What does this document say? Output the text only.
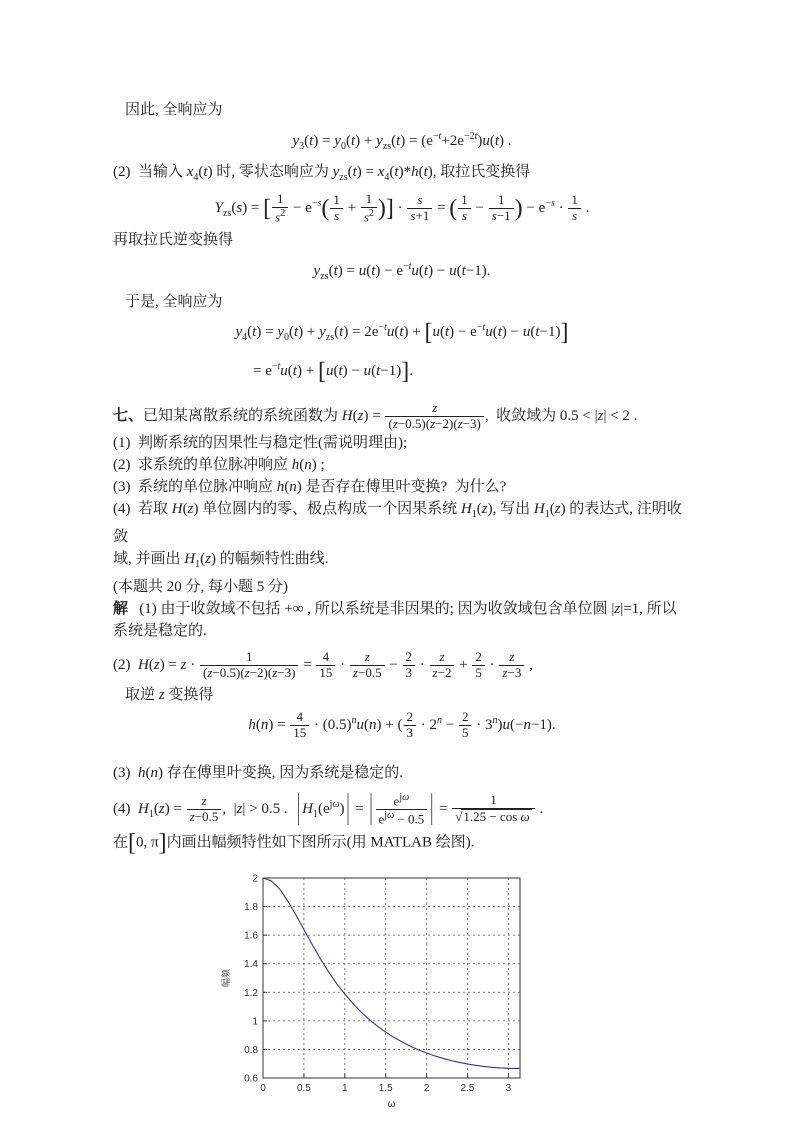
因此, 全响应为

$y_3(t) = y_0(t) + y_{zs}(t) = (e^{-t}+2e^{-2t})u(t)$ .

(2)  当输入 $x_4(t)$ 时, 零状态响应为 $y_{zs}(t) = x_4(t)*h(t)$, 取拉氏变换得

$Y_{zs}(s)$ = [ $\frac{1}{s^2} - e^{-s}( \frac{1}{s} + \frac{1}{s^2}$ )] · $\frac{s}{s+1}$ = ( $\frac{1}{s} - \frac{1}{s-1}$ ) − $e^{-s} \cdot \frac{1}{s}$ .

再取拉氏逆变换得

$y_{zs}(t) = u(t) - e^{-t}u(t) - u(t-1)$.

于是, 全响应为

$y_4(t) = y_0(t) + y_{zs}(t) = 2e^{-t}u(t) + [u(t) - e^{-t}u(t) - u(t-1)]$
= $e^{-t}u(t) + [u(t) - u(t-1)]$.

七、已知某离散系统的系统函数为 $H(z) = \frac{z}{(z-0.5)(z-2)(z-3)}$ ,  收敛域为 0.5 < |z| < 2 .

(1)  判断系统的因果性与稳定性(需说明理由);

(2)  求系统的单位脉冲响应 h(n) ;

(3)  系统的单位脉冲响应 h(n) 是否存在傅里叶变换?  为什么?

(4)  若取 H(z) 单位圆内的零、极点构成一个因果系统 $H_1(z)$, 写出 $H_1(z)$ 的表达式, 注明收敛
域, 并画出 $H_1(z)$ 的幅频特性曲线.

(本题共 20 分, 每小题 5 分)

解   (1) 由于收敛域不包括 +∞ , 所以系统是非因果的; 因为收敛域包含单位圆 |z|=1, 所以
系统是稳定的.

(2)  $H(z) = z \cdot \frac{1}{(z-0.5)(z-2)(z-3)} = \frac{4}{15} \cdot \frac{z}{z-0.5} - \frac{2}{3} \cdot \frac{z}{z-2} + \frac{2}{5} \cdot \frac{z}{z-3}$ ,

取逆 z 变换得

$h(n) = \frac{4}{15} \cdot (0.5)^nu(n)$ + ( $\frac{2}{3} \cdot 2^n - \frac{2}{5} \cdot 3^n)u(-n-1)$.

(3)  h(n) 存在傅里叶变换, 因为系统是稳定的.

(4)  $H_1(z) = \frac{z}{z-0.5}$ ,  |z| > 0.5 .  | $H_1(e^{j\omega})$ | = |	$e^{j\omega}$
$e^{j\omega} - 0.5$ | = $\frac{1}{\text{√1.25 − cos ω}}$ .

在[0, π]内画出幅频特性如下图所示(用 MATLAB 绘图).

0	0.5	1	1.5	2	2.5	3
0.6
0.8
1
1.2
1.4
1.6
1.8
2
ω
幅频
